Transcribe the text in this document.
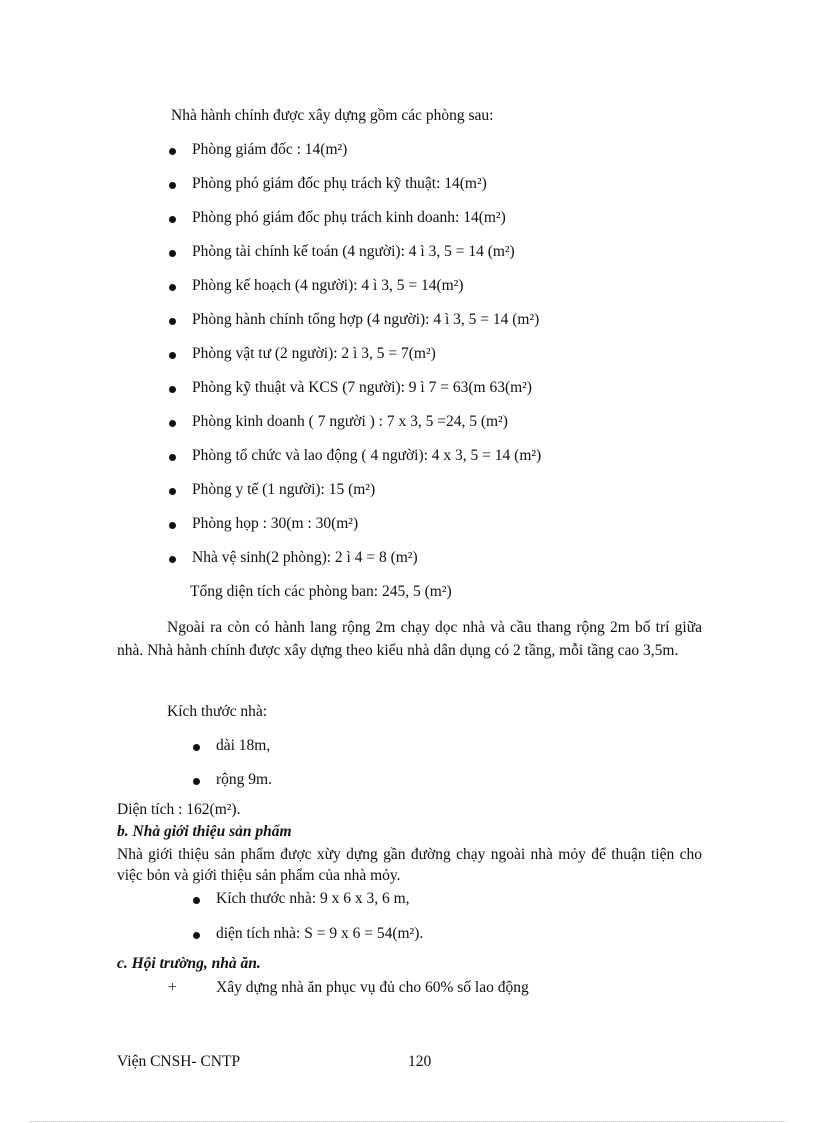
Nhà hành chính được xây dựng gồm các phòng sau:
Phòng giám đốc : 14(m²)
Phòng phó giám đốc phụ trách kỹ thuật: 14(m²)
Phòng phó giám đốc phụ trách kinh doanh: 14(m²)
Phòng tài chính kế toán (4 người): 4 ì 3, 5 = 14 (m²)
Phòng kế hoạch (4 người): 4 ì 3, 5 = 14(m²)
Phòng hành chính tổng hợp (4 người): 4 ì 3, 5 = 14 (m²)
Phòng vật tư (2 người): 2 ì 3, 5 = 7(m²)
Phòng kỹ thuật và KCS (7 người): 9 ì 7 = 63(m 63(m²)
Phòng kinh doanh ( 7 người ) : 7 x 3, 5 =24, 5 (m²)
Phòng tổ chức và lao động ( 4 người): 4 x 3, 5 = 14 (m²)
Phòng y tế (1 người): 15 (m²)
Phòng họp : 30(m : 30(m²)
Nhà vệ sinh(2 phòng): 2 ì 4 = 8 (m²)
Tổng diện tích các phòng ban: 245, 5 (m²)
Ngoài ra còn có hành lang rộng 2m chạy dọc nhà và cầu thang rộng 2m bố trí giữa nhà. Nhà hành chính được xây dựng theo kiểu nhà dân dụng có 2 tầng, mỗi tầng cao 3,5m.
Kích thước nhà:
dài 18m,
rộng 9m.
Diện tích : 162(m²).
b. Nhà giới thiệu sản phẩm
Nhà giới thiệu sản phẩm được xừy dựng gần đường chạy ngoài nhà mỏy để thuận tiện cho việc bỏn và giới thiệu sản phẩm của nhà mỏy.
Kích thước nhà: 9 x 6 x 3, 6 m,
diện tích nhà: S = 9 x 6 = 54(m²).
c. Hội trường, nhà ăn.
+	Xây dựng nhà ăn phục vụ đủ cho 60% số lao động
Viện CNSH- CNTP	120
